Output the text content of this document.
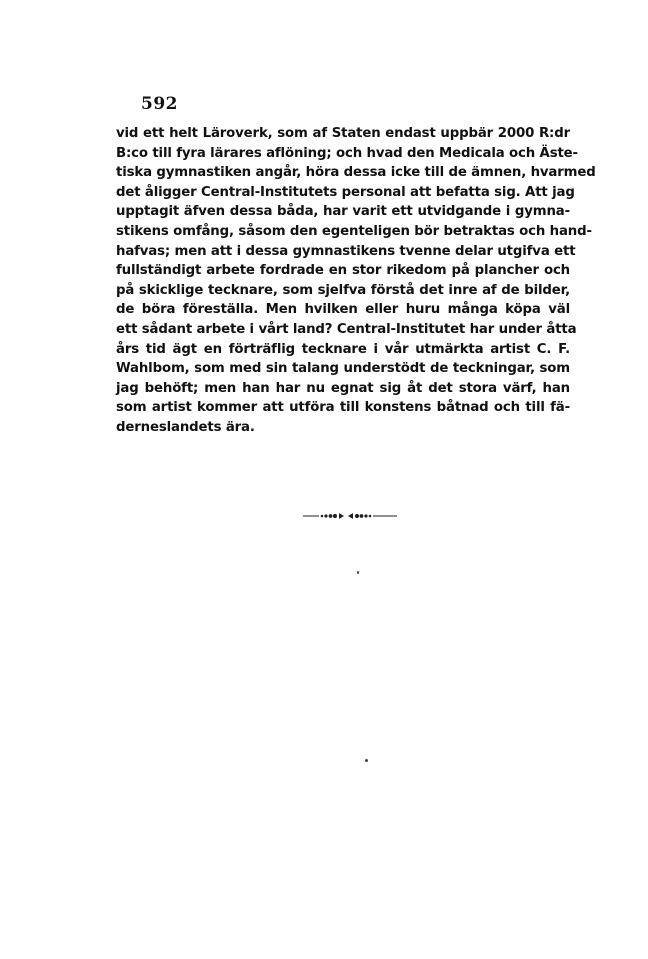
592
vid ett helt Läroverk, som af Staten endast uppbär 2000 R:dr
B:co till fyra lärares aflöning; och hvad den Medicala och Äste-
tiska gymnastiken angår, höra dessa icke till de ämnen, hvarmed
det åligger Central-Institutets personal att befatta sig. Att jag
upptagit äfven dessa båda, har varit ett utvidgande i gymna-
stikens omfång, såsom den egenteligen bör betraktas och hand-
hafvas; men att i dessa gymnastikens tvenne delar utgifva ett
fullständigt arbete fordrade en stor rikedom på plancher och
på skicklige tecknare, som sjelfva förstå det inre af de bilder,
de böra föreställa. Men hvilken eller huru många köpa väl
ett sådant arbete i vårt land? Central-Institutet har under åtta
års tid ägt en förträflig tecknare i vår utmärkta artist C. F.
Wahlbom, som med sin talang understödt de teckningar, som
jag behöft; men han har nu egnat sig åt det stora värf, han
som artist kommer att utföra till konstens båtnad och till fä-
derneslandets ära.
